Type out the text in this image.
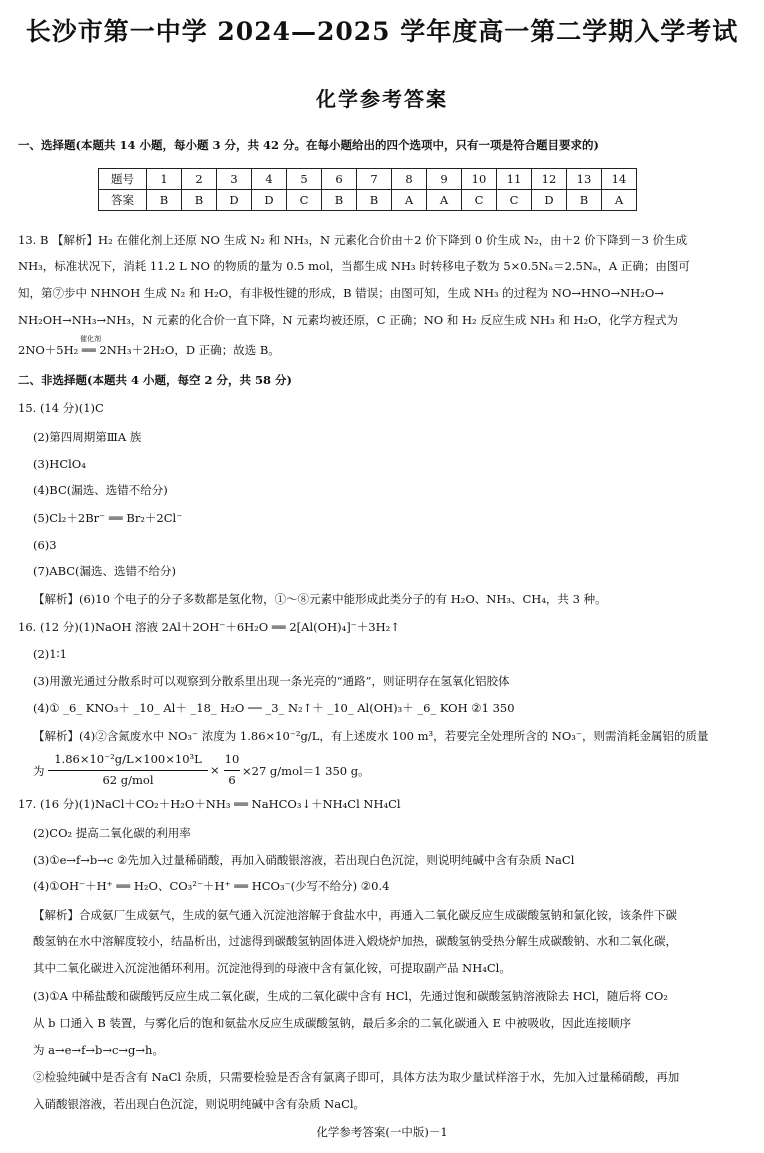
长沙市第一中学 2024—2025 学年度高一第二学期入学考试
化学参考答案
一、选择题(本题共 14 小题，每小题 3 分，共 42 分。在每小题给出的四个选项中，只有一项是符合题目要求的)
题号	1	2	3	4	5	6	7	8	9	10	11	12	13	14
答案	B	B	D	D	C	B	B	A	A	C	C	D	B	A
13. B 【解析】H₂ 在催化剂上还原 NO 生成 N₂ 和 NH₃，N 元素化合价由＋2 价下降到 0 价生成 N₂，由＋2 价下降到－3 价生成
NH₃，标准状况下，消耗 11.2 L NO 的物质的量为 0.5 mol，当都生成 NH₃ 时转移电子数为 5×0.5Nₐ＝2.5Nₐ，A 正确；由图可
知，第⑦步中 NHNOH 生成 N₂ 和 H₂O，有非极性键的形成，B 错误；由图可知，生成 NH₃ 的过程为 NO→HNO→NH₂O→
NH₂OH→NH₃→NH₃，N 元素的化合价一直下降，N 元素均被还原，C 正确；NO 和 H₂ 反应生成 NH₃ 和 H₂O，化学方程式为
催化剂
2NO＋5H₂ ══ 2NH₃＋2H₂O，D 正确；故选 B。
二、非选择题(本题共 4 小题，每空 2 分，共 58 分)
15. (14 分)(1)C
(2)第四周期第ⅢA 族
(3)HClO₄
(4)BC(漏选、选错不给分)
(5)Cl₂＋2Br⁻ ══ Br₂＋2Cl⁻
(6)3
(7)ABC(漏选、选错不给分)
【解析】(6)10 个电子的分子多数都是氢化物，①～⑧元素中能形成此类分子的有 H₂O、NH₃、CH₄，共 3 种。
16. (12 分)(1)NaOH 溶液 2Al＋2OH⁻＋6H₂O ══ 2[Al(OH)₄]⁻＋3H₂↑
(2)1∶1
(3)用激光通过分散系时可以观察到分散系里出现一条光亮的“通路”，则证明存在氢氧化铝胶体
(4)① _6_ KNO₃＋ _10_ Al＋ _18_ H₂O ── _3_ N₂↑＋ _10_ Al(OH)₃＋ _6_ KOH ②1 350
【解析】(4)②含氮废水中 NO₃⁻ 浓度为 1.86×10⁻²g/L，有上述废水 100 m³，若要完全处理所含的 NO₃⁻，则需消耗金属铝的质量
为
1.86×10⁻²g/L×100×10³L
62 g/mol
×
10
6
×27 g/mol＝1 350 g。
17. (16 分)(1)NaCl＋CO₂＋H₂O＋NH₃ ══ NaHCO₃↓＋NH₄Cl NH₄Cl
(2)CO₂ 提高二氧化碳的利用率
(3)①e→f→b→c ②先加入过量稀硝酸，再加入硝酸银溶液，若出现白色沉淀，则说明纯碱中含有杂质 NaCl
(4)①OH⁻＋H⁺ ══ H₂O、CO₃²⁻＋H⁺ ══ HCO₃⁻(少写不给分) ②0.4
【解析】合成氨厂生成氨气，生成的氨气通入沉淀池溶解于食盐水中，再通入二氧化碳反应生成碳酸氢钠和氯化铵，该条件下碳
酸氢钠在水中溶解度较小，结晶析出，过滤得到碳酸氢钠固体进入煅烧炉加热，碳酸氢钠受热分解生成碳酸钠、水和二氧化碳，
其中二氧化碳进入沉淀池循环利用。沉淀池得到的母液中含有氯化铵，可提取副产品 NH₄Cl。
(3)①A 中稀盐酸和碳酸钙反应生成二氧化碳，生成的二氧化碳中含有 HCl，先通过饱和碳酸氢钠溶液除去 HCl，随后将 CO₂
从 b 口通入 B 装置，与雾化后的饱和氨盐水反应生成碳酸氢钠，最后多余的二氧化碳通入 E 中被吸收，因此连接顺序
为 a→e→f→b→c→g→h。
②检验纯碱中是否含有 NaCl 杂质，只需要检验是否含有氯离子即可，具体方法为取少量试样溶于水，先加入过量稀硝酸，再加
入硝酸银溶液，若出现白色沉淀，则说明纯碱中含有杂质 NaCl。
化学参考答案(一中版)－1
